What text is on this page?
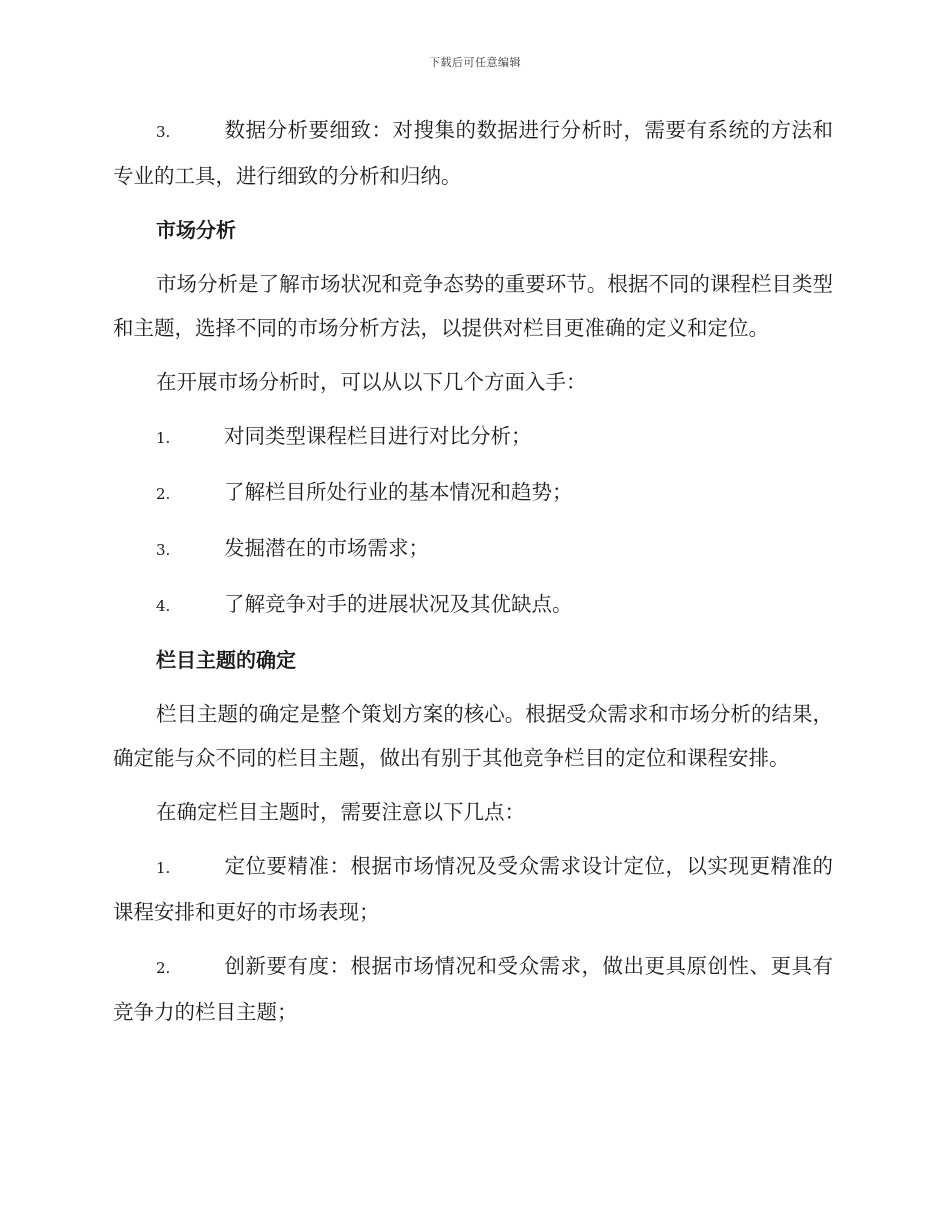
下载后可任意编辑

3.	数据分析要细致：对搜集的数据进行分析时，需要有系统的方法和专业的工具，进行细致的分析和归纳。

市场分析

市场分析是了解市场状况和竞争态势的重要环节。根据不同的课程栏目类型和主题，选择不同的市场分析方法，以提供对栏目更准确的定义和定位。

在开展市场分析时，可以从以下几个方面入手：

1.	对同类型课程栏目进行对比分析；

2.	了解栏目所处行业的基本情况和趋势；

3.	发掘潜在的市场需求；

4.	了解竞争对手的进展状况及其优缺点。

栏目主题的确定

栏目主题的确定是整个策划方案的核心。根据受众需求和市场分析的结果，确定能与众不同的栏目主题，做出有别于其他竞争栏目的定位和课程安排。

在确定栏目主题时，需要注意以下几点：

1.	定位要精准：根据市场情况及受众需求设计定位，以实现更精准的课程安排和更好的市场表现；

2.	创新要有度：根据市场情况和受众需求，做出更具原创性、更具有竞争力的栏目主题；
